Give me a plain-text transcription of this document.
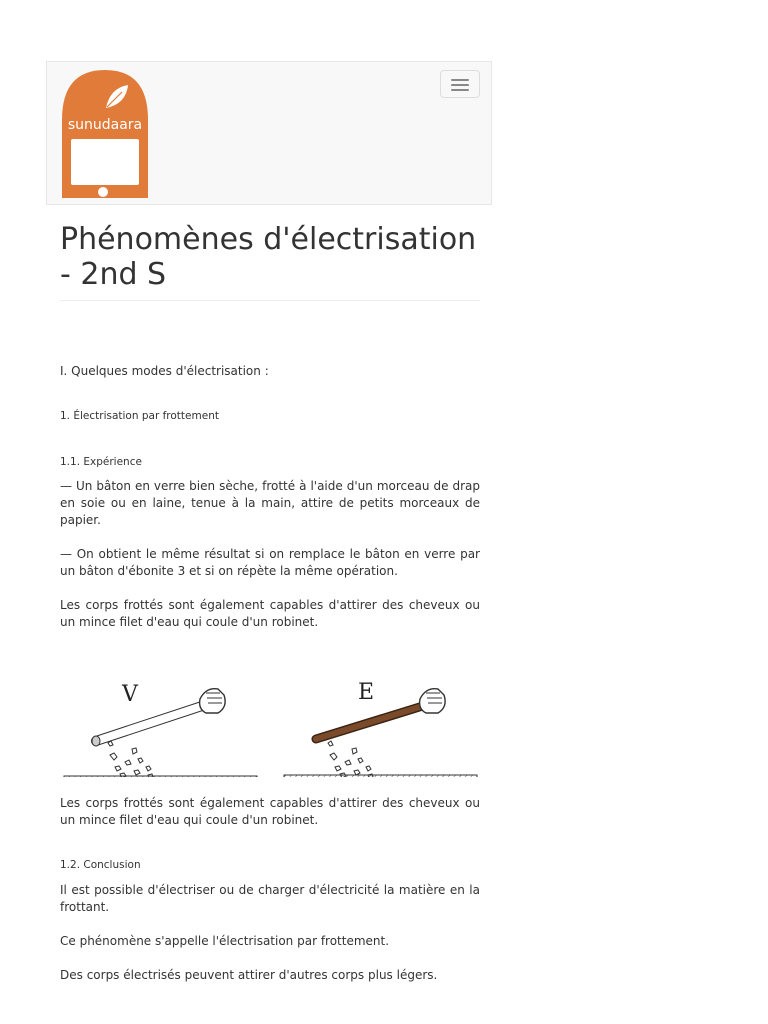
sunudaara
Phénomènes d'électrisation - 2nd S

I. Quelques modes d'électrisation :

1. Électrisation par frottement

1.1. Expérience

— Un bâton en verre bien sèche, frotté à l'aide d'un morceau de drap en soie ou en laine, tenue à la main, attire de petits morceaux de papier.

— On obtient le même résultat si on remplace le bâton en verre par un bâton d'ébonite 3 et si on répète la même opération.

Les corps frottés sont également capables d'attirer des cheveux ou un mince filet d'eau qui coule d'un robinet.

V	E

Les corps frottés sont également capables d'attirer des cheveux ou un mince filet d'eau qui coule d'un robinet.

1.2. Conclusion

Il est possible d'électriser ou de charger d'électricité la matière en la frottant.

Ce phénomène s'appelle l'électrisation par frottement.

Des corps électrisés peuvent attirer d'autres corps plus légers.
